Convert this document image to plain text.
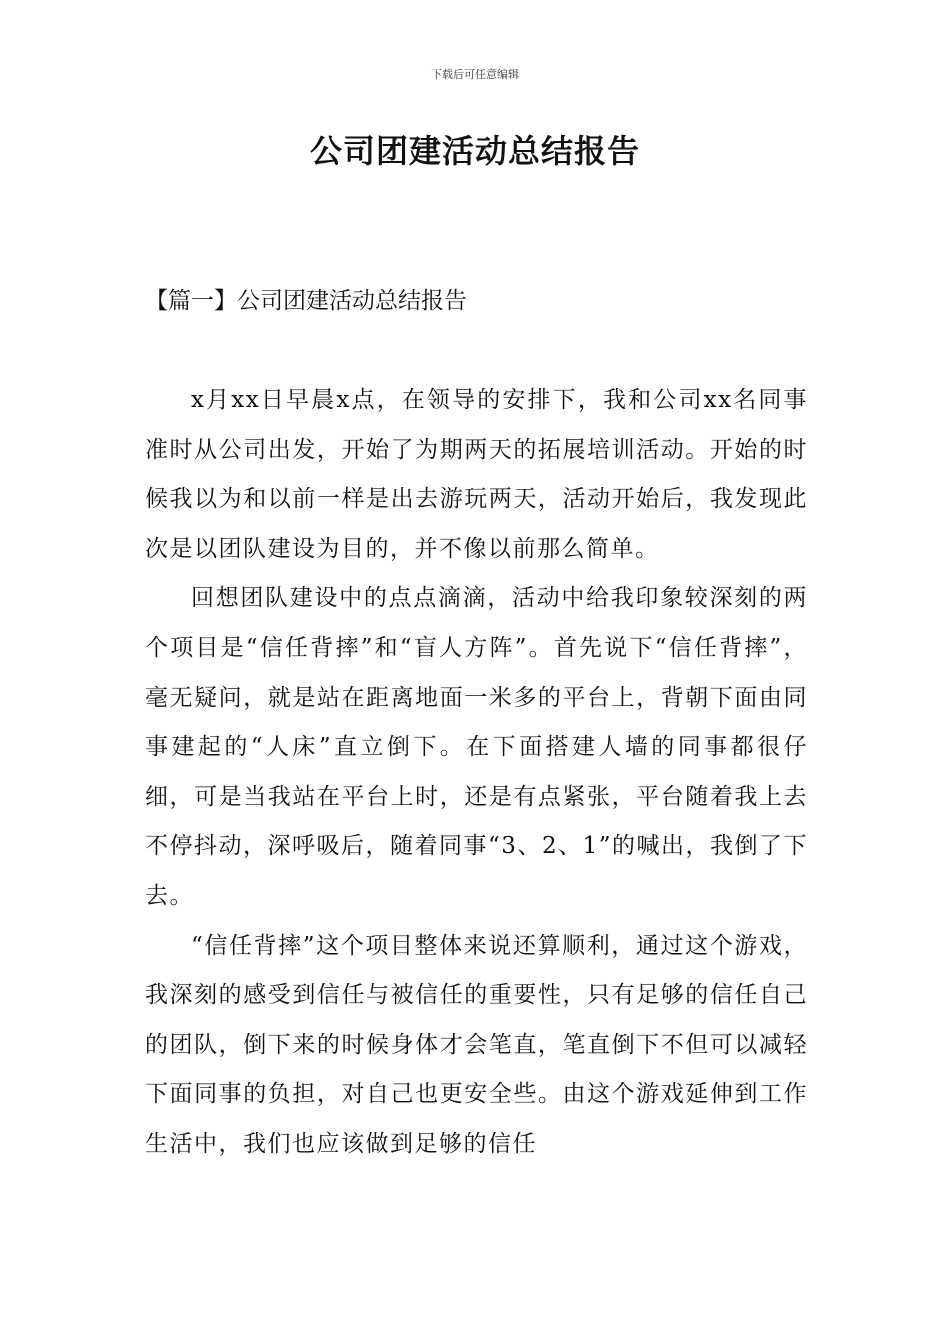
下载后可任意编辑
公司团建活动总结报告
【篇一】公司团建活动总结报告

x月xx日早晨x点，在领导的安排下，我和公司xx名同事准时从公司出发，开始了为期两天的拓展培训活动。开始的时候我以为和以前一样是出去游玩两天，活动开始后，我发现此次是以团队建设为目的，并不像以前那么简单。

回想团队建设中的点点滴滴，活动中给我印象较深刻的两个项目是“信任背摔”和“盲人方阵”。首先说下“信任背摔”，毫无疑问，就是站在距离地面一米多的平台上，背朝下面由同事建起的“人床”直立倒下。在下面搭建人墙的同事都很仔细，可是当我站在平台上时，还是有点紧张，平台随着我上去不停抖动，深呼吸后，随着同事“3、2、1”的喊出，我倒了下去。

“信任背摔”这个项目整体来说还算顺利，通过这个游戏，我深刻的感受到信任与被信任的重要性，只有足够的信任自己的团队，倒下来的时候身体才会笔直，笔直倒下不但可以减轻下面同事的负担，对自己也更安全些。由这个游戏延伸到工作生活中，我们也应该做到足够的信任
